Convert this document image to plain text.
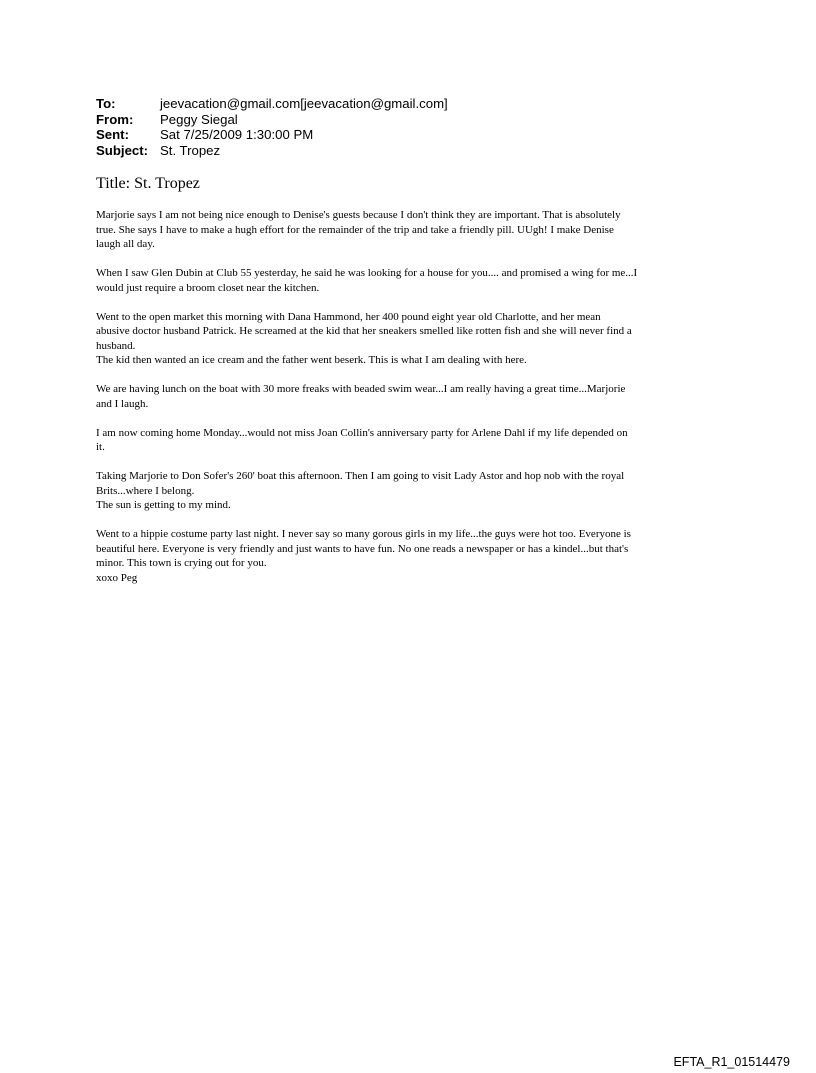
To:	jeevacation@gmail.com[jeevacation@gmail.com]
From:	Peggy Siegal
Sent:	Sat 7/25/2009 1:30:00 PM
Subject: St. Tropez
Title: St. Tropez

Marjorie says I am not being nice enough to Denise's guests because I don't think they are important. That is absolutely
true. She says I have to make a hugh effort for the remainder of the trip and take a friendly pill. UUgh! I make Denise
laugh all day.

When I saw Glen Dubin at Club 55 yesterday, he said he was looking for a house for you.... and promised a wing for me...I
would just require a broom closet near the kitchen.

Went to the open market this morning with Dana Hammond, her 400 pound eight year old Charlotte, and her mean
abusive doctor husband Patrick. He screamed at the kid that her sneakers smelled like rotten fish and she will never find a
husband.
The kid then wanted an ice cream and the father went beserk. This is what I am dealing with here.

We are having lunch on the boat with 30 more freaks with beaded swim wear...I am really having a great time...Marjorie
and I laugh.

I am now coming home Monday...would not miss Joan Collin's anniversary party for Arlene Dahl if my life depended on
it.

Taking Marjorie to Don Sofer's 260' boat this afternoon. Then I am going to visit Lady Astor and hop nob with the royal
Brits...where I belong.
The sun is getting to my mind.

Went to a hippie costume party last night. I never say so many gorous girls in my life...the guys were hot too. Everyone is
beautiful here. Everyone is very friendly and just wants to have fun. No one reads a newspaper or has a kindel...but that's
minor. This town is crying out for you.
xoxo Peg

EFTA_R1_01514479
